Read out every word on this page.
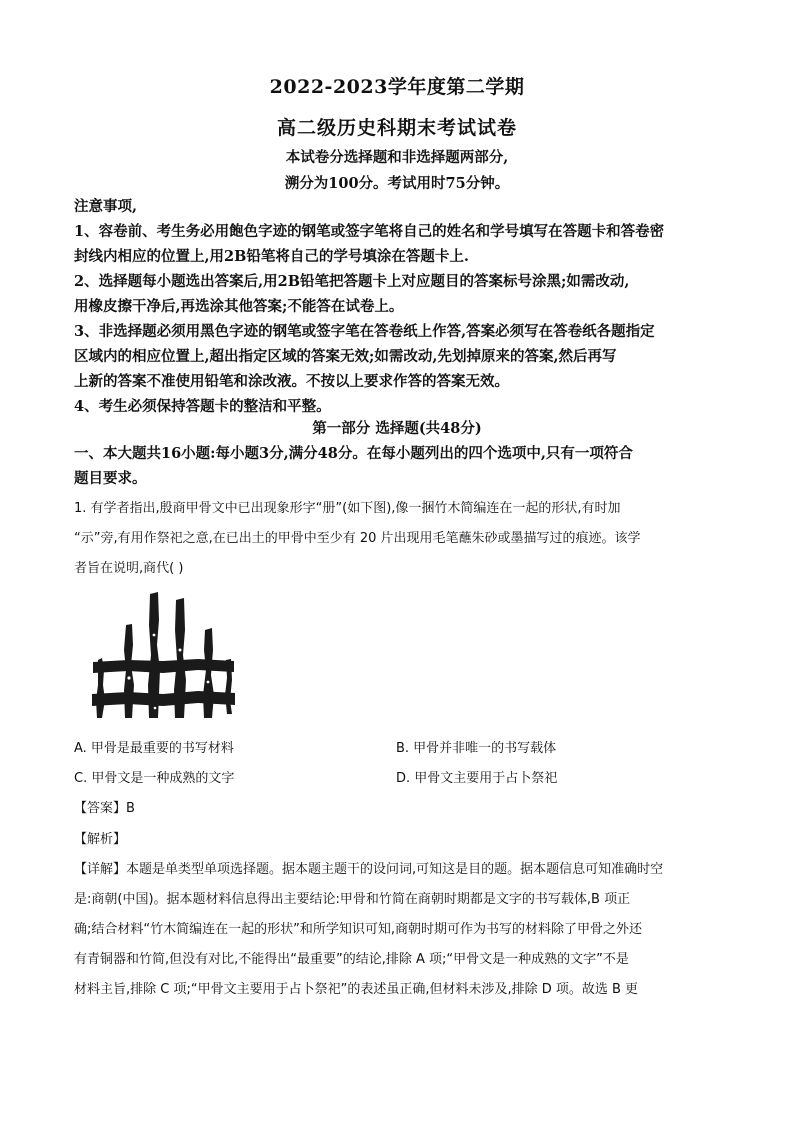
2022-2023学年度第二学期
高二级历史科期末考试试卷
本试卷分选择题和非选择题两部分,
溯分为100分。考试用时75分钟。
注意事项,
1、容卷前、考生务必用飽色字迹的钢笔或签字笔将自己的姓名和学号填写在答题卡和答卷密
封线内相应的位置上,用2B铅笔将自己的学号填涂在答题卡上.
2、选择题每小题选出答案后,用2B铅笔把答题卡上对应题目的答案标号涂黑;如需改动,
用橡皮擦干净后,再选涂其他答案;不能答在试卷上。
3、非选择题必须用黑色字迹的钢笔或签字笔在答卷纸上作答,答案必须写在答卷纸各题指定
区域内的相应位置上,超出指定区域的答案无效;如需改动,先划掉原来的答案,然后再写
上新的答案不准使用铅笔和涂改液。不按以上要求作答的答案无效。
4、考生必须保持答题卡的整洁和平整。
第一部分 选择题(共48分)
一、本大题共16小题:每小题3分,满分48分。在每小题列出的四个选项中,只有一项符合
题目要求。
1. 有学者指出,殷商甲骨文中已出现象形字“册”(如下图),像一捆竹木简编连在一起的形状,有时加
“示”旁,有用作祭祀之意,在已出土的甲骨中至少有 20 片出现用毛笔蘸朱砂或墨描写过的痕迹。该学
者旨在说明,商代( )
A. 甲骨是最重要的书写材料	B. 甲骨并非唯一的书写载体
C. 甲骨文是一种成熟的文字	D. 甲骨文主要用于占卜祭祀
【答案】B
【解析】
【详解】本题是单类型单项选择题。据本题主题干的设问词,可知这是目的题。据本题信息可知准确时空
是:商朝(中国)。据本题材料信息得出主要结论:甲骨和竹简在商朝时期都是文字的书写载体,B 项正
确;结合材料“竹木简编连在一起的形状”和所学知识可知,商朝时期可作为书写的材料除了甲骨之外还
有青铜器和竹简,但没有对比,不能得出“最重要”的结论,排除 A 项;“甲骨文是一种成熟的文字”不是
材料主旨,排除 C 项;“甲骨文主要用于占卜祭祀”的表述虽正确,但材料未涉及,排除 D 项。故选 B 更
